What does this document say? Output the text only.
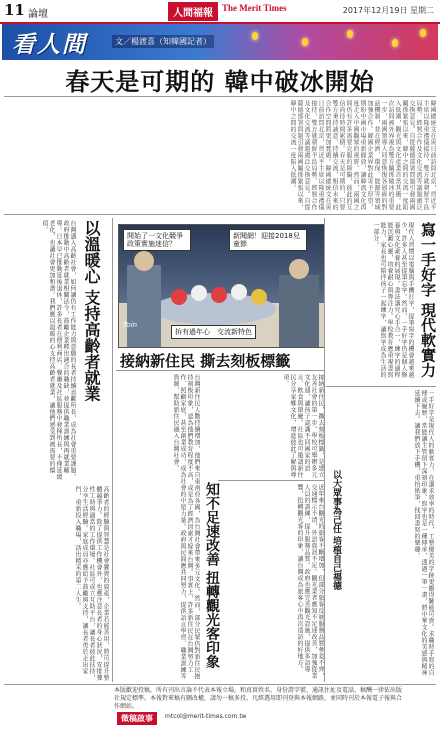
11 論壇	人間福報	The Merit Times	2017年12月19日 星期二
看人間	文／楊渡喜（知韓國記者）
春天是可期的 韓中破冰開始
韓國總統文在寅日前訪問北京，習近平主席以隆重禮儀接待，雙方就朝鮮半島局勢、經貿合作及文化交流等議題廣泛交換意見。自從薩德部署問題引發兩國關係緊張以來，韓中之間的交流一度陷入低潮，觀光與文化產業首當其衝。此次訪問被外界視為雙方關係破冰的重要一步，兩國領導人同意恢復各層級的對話機制，並在經濟、環保、能源等領域加強合作。韓國企業界對此寄予厚望，期盼中國市場重新開放，讓韓流文化再度走入中國觀眾的視野。然而，兩國之間仍有許多需要克服的障礙，彼此的互信尚待時間累積。春天是可期的，只要雙方秉持誠意，持續交流，相信未來的合作空間將更加寬廣。韓國總統文在寅日前訪問北京，習近平主席以隆重禮儀接待，雙方就朝鮮半島局勢、經貿合作及文化交流等議題廣泛交換意見。自從薩德部署問題引發兩國關係緊張以來，韓中之間的交流一度陷入低潮。
以溫暖心 支持高齡者就業
台灣邁入高齡社會，如何讓仍有工作能力與意願的長者持續貢獻所長，成為社會重要課題。政府推動中高齡者就業相關法令，鼓勵企業釋出適合的職缺，並提供職業訓練與再就業輔導。日本早已推動延後退休，許多長者在便利商店、餐廳及社區服務中發揮所長，不僅延緩老化，也讓社會更加和諧。我們應以溫暖的心支持高齡者就業，讓他們感受到被需要的價值。
高齡者的經驗與智慧是社會寶貴的資產，企業若能善用，將可提升整體競爭力。除了提供工作機會外，也應注意長者的身心狀況，安排彈性工時與適當的工作環境。社區可成立互助平台，讓長者彼此扶持，分享生活經驗。家庭成員亦應給予鼓勵與支持，讓長者勇於走出家門，重新投入職場，活出精采的第二人生。
寫一手好字 現代軟實力
現代人習慣以電腦與手機打字，提筆寫字的機會越來越少，許多人甚至提筆忘字。然而，一手好字仍是個人修養與文化素養的展現。書法講究心手合一，練字的過程能沉澱心靈，培養耐心與專注力。學校教育應重視書寫能力，家長也可陪伴孩子一起練字，讓寫字成為生活的一部分。
一手好字是現代人的軟實力，在講求效率的時代，工整優美的字跡更顯得難能可貴。求職時手寫的自傳或履歷，常能讓主管留下深刻印象。寫字也是一種傳承，透過一筆一畫，將中華文化的美感與精神延續下去。讓我們放下手機，重拾紙筆，找回書寫的樂趣。
開始了一文化競爭政策實施迷信？
新聞網！迎接2018兒童節
Toin
拚有過年心　交流新特色
接納新住民 撕去刻板標籤
台灣新住民人數持續增加，他們來自東南亞各國，為台灣社會帶來多元文化。然而，部分民眾仍對新住民抱持刻板印象，認為他們教育程度不高，或是為了經濟因素才嫁來台灣。事實上，許多新住民在台灣努力工作、照顧家庭，甚至創業成功，成為社會的中堅力量。政府與民間應共同努力，提供語言學習、職業訓練等資源，幫助新住民融入台灣社會。
知不足速改善 扭轉觀光客印象
接納新住民，撕去刻板標籤，是建立友善社會的第一步。學校可舉辦多元文化週，讓孩子認識不同國家的語言、飲食與節慶。社區也可邀請新住民分享家鄉文化，增進彼此了解與尊重。
近年來台觀光的旅客不斷增加，但部分旅客反映服務品質參差不齊，交通標示不清，外語資訊不足。觀光業者應知不足速改善，加強從業人員的訓練，提升服務品質。政府也應完善觀光設施，提供多語導覽，扭轉觀光客的印象，讓台灣成為旅客心中再次造訪的好地方。	以大眾事為己任 培植自己福德
本版歡迎投稿，所有刊出言論不代表本報立場，和真實姓名、身份證字號、通訊住址及電話，稿酬一律依出版社規定標準。本報對來稿有刪改權，請勿一稿多投。凡經選用即刊登與本報網路，並同時刊於本報電子報與合作網站。
徵稿啟事	mtcol@merit-times.com.tw
